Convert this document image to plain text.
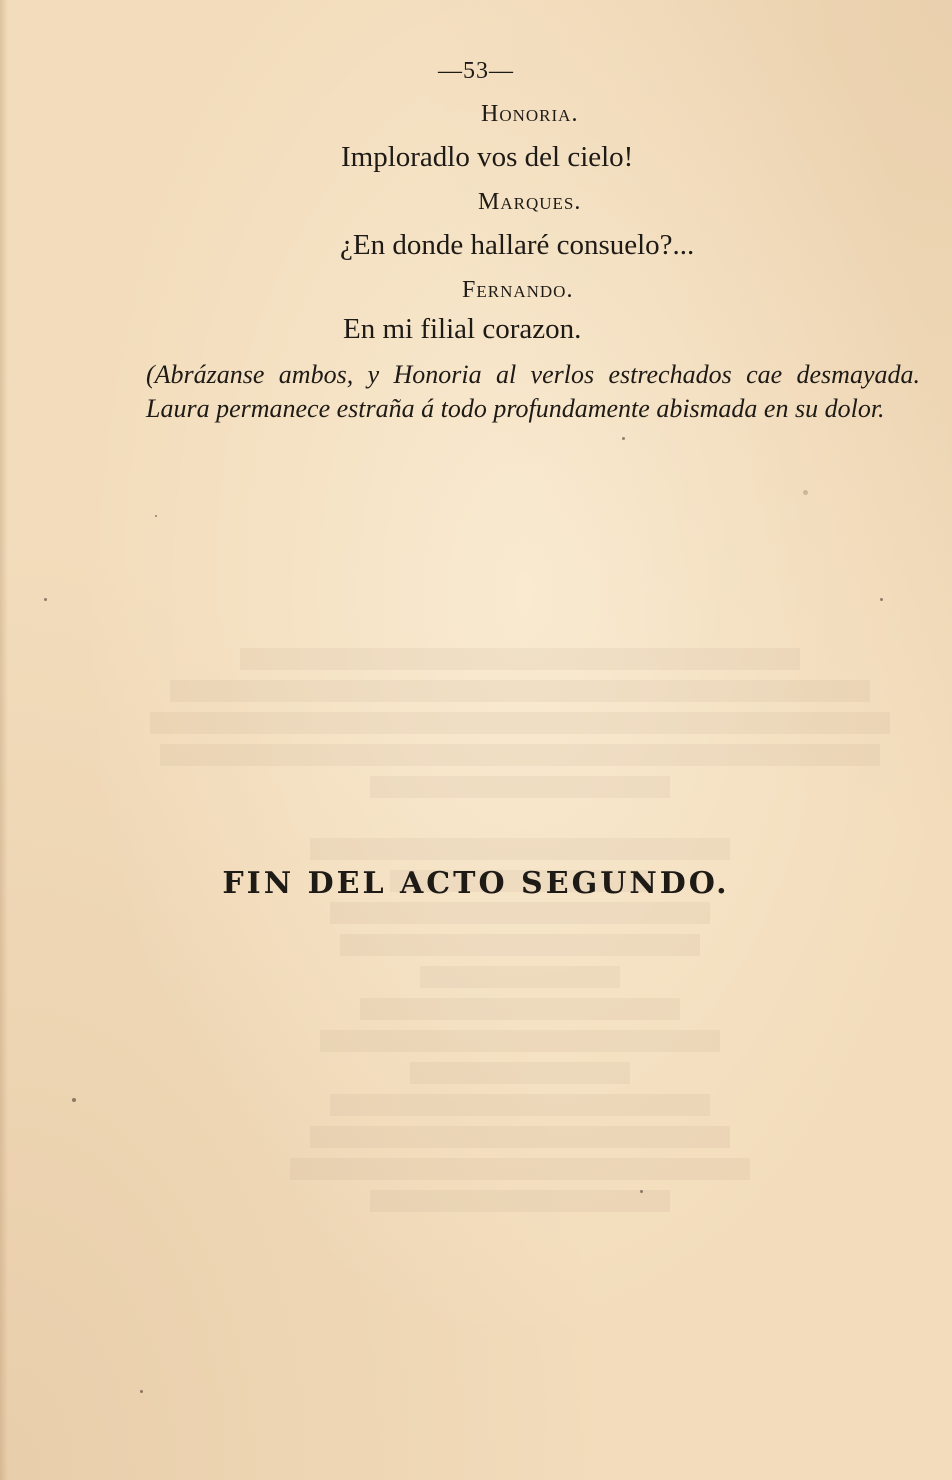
—53—
Honoria.
Imploradlo vos del cielo!
Marques.
¿En donde hallaré consuelo?...
Fernando.
En mi filial corazon.
(Abrázanse ambos, y Honoria al verlos estrechados cae desmayada. Laura permanece estraña á todo profundamente abismada en su dolor.
FIN DEL ACTO SEGUNDO.
